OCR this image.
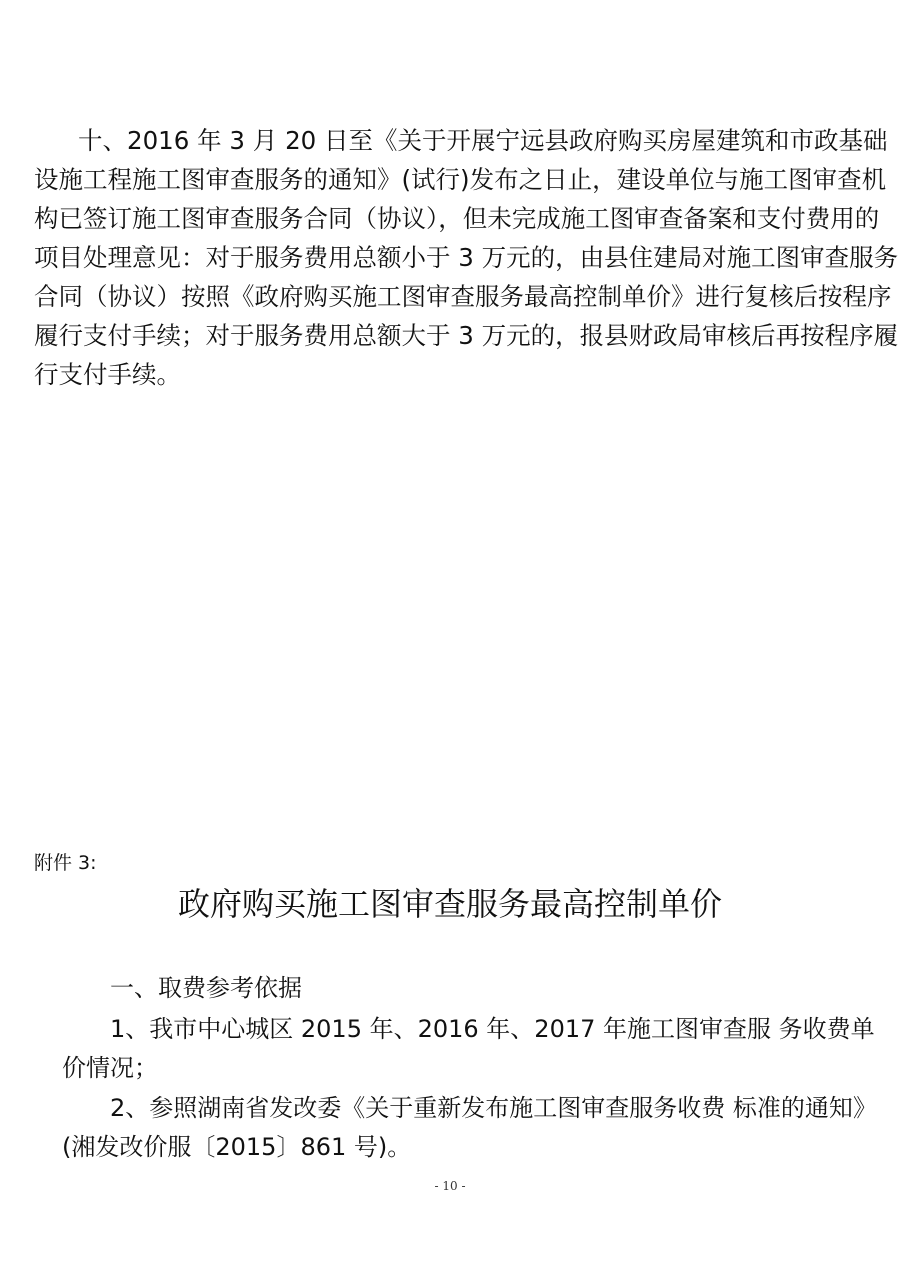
十、2016 年 3 月 20 日至《关于开展宁远县政府购买房屋建筑和市政基础
设施工程施工图审查服务的通知》(试行)发布之日止，建设单位与施工图审查机
构已签订施工图审查服务合同（协议），但未完成施工图审查备案和支付费用的
项目处理意见：对于服务费用总额小于 3 万元的，由县住建局对施工图审查服务
合同（协议）按照《政府购买施工图审查服务最高控制单价》进行复核后按程序
履行支付手续；对于服务费用总额大于 3 万元的，报县财政局审核后再按程序履
行支付手续。
附件 3:
政府购买施工图审查服务最高控制单价
一、取费参考依据
1、我市中心城区 2015 年、2016 年、2017 年施工图审查服 务收费单
价情况；
2、参照湖南省发改委《关于重新发布施工图审查服务收费 标准的通知》
(湘发改价服〔2015〕861 号)。
- 10 -
